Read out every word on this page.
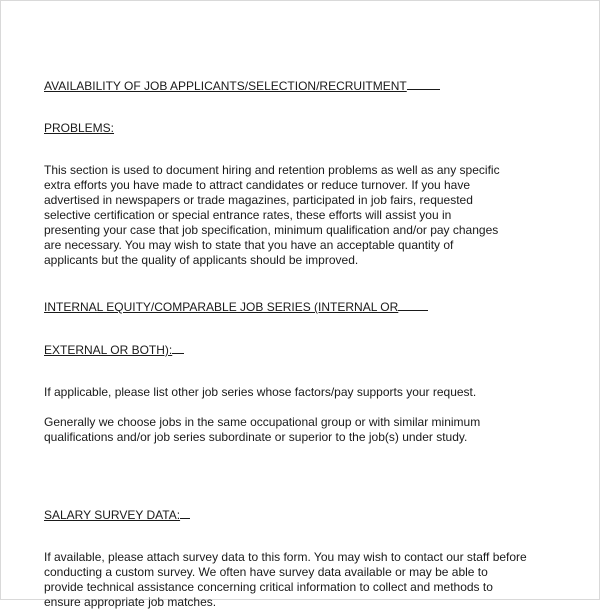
AVAILABILITY OF JOB APPLICANTS/SELECTION/RECRUITMENT

PROBLEMS:

This section is used to document hiring and retention problems as well as any specific
extra efforts you have made to attract candidates or reduce turnover. If you have
advertised in newspapers or trade magazines, participated in job fairs, requested
selective certification or special entrance rates, these efforts will assist you in
presenting your case that job specification, minimum qualification and/or pay changes
are necessary. You may wish to state that you have an acceptable quantity of
applicants but the quality of applicants should be improved.

INTERNAL EQUITY/COMPARABLE JOB SERIES (INTERNAL OR

EXTERNAL OR BOTH):

If applicable, please list other job series whose factors/pay supports your request.

Generally we choose jobs in the same occupational group or with similar minimum
qualifications and/or job series subordinate or superior to the job(s) under study.

SALARY SURVEY DATA:

If available, please attach survey data to this form. You may wish to contact our staff before
conducting a custom survey. We often have survey data available or may be able to
provide technical assistance concerning critical information to collect and methods to
ensure appropriate job matches.
